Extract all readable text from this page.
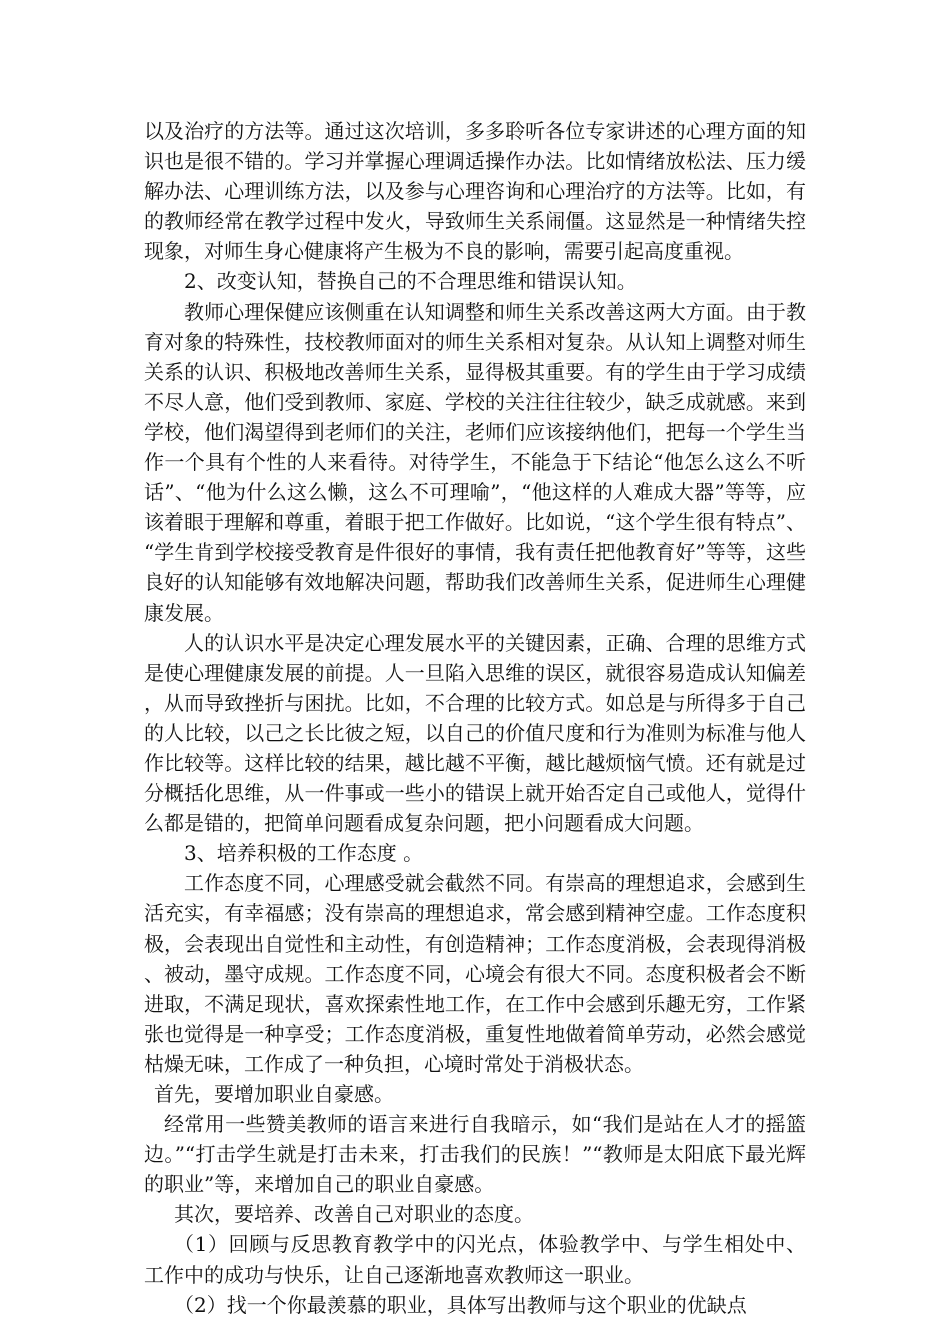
以及治疗的方法等。通过这次培训，多多聆听各位专家讲述的心理方面的知识也是很不错的。学习并掌握心理调适操作办法。比如情绪放松法、压力缓解办法、心理训练方法，以及参与心理咨询和心理治疗的方法等。比如，有的教师经常在教学过程中发火，导致师生关系闹僵。这显然是一种情绪失控现象，对师生身心健康将产生极为不良的影响，需要引起高度重视。

2、改变认知，替换自己的不合理思维和错误认知。

教师心理保健应该侧重在认知调整和师生关系改善这两大方面。由于教育对象的特殊性，技校教师面对的师生关系相对复杂。从认知上调整对师生关系的认识、积极地改善师生关系，显得极其重要。有的学生由于学习成绩不尽人意，他们受到教师、家庭、学校的关注往往较少，缺乏成就感。来到学校，他们渴望得到老师们的关注，老师们应该接纳他们，把每一个学生当作一个具有个性的人来看待。对待学生，不能急于下结论“他怎么这么不听话”、“他为什么这么懒，这么不可理喻”，“他这样的人难成大器”等等，应该着眼于理解和尊重，着眼于把工作做好。比如说，“这个学生很有特点”、“学生肯到学校接受教育是件很好的事情，我有责任把他教育好”等等，这些良好的认知能够有效地解决问题，帮助我们改善师生关系，促进师生心理健康发展。

人的认识水平是决定心理发展水平的关键因素，正确、合理的思维方式是使心理健康发展的前提。人一旦陷入思维的误区，就很容易造成认知偏差，从而导致挫折与困扰。比如，不合理的比较方式。如总是与所得多于自己的人比较，以己之长比彼之短，以自己的价值尺度和行为准则为标准与他人作比较等。这样比较的结果，越比越不平衡，越比越烦恼气愤。还有就是过分概括化思维，从一件事或一些小的错误上就开始否定自己或他人，觉得什么都是错的，把简单问题看成复杂问题，把小问题看成大问题。

3、培养积极的工作态度 。

工作态度不同，心理感受就会截然不同。有崇高的理想追求，会感到生活充实，有幸福感；没有崇高的理想追求，常会感到精神空虚。工作态度积极，会表现出自觉性和主动性，有创造精神；工作态度消极，会表现得消极、被动，墨守成规。工作态度不同，心境会有很大不同。态度积极者会不断进取，不满足现状，喜欢探索性地工作，在工作中会感到乐趣无穷，工作紧张也觉得是一种享受；工作态度消极，重复性地做着简单劳动，必然会感觉枯燥无味，工作成了一种负担，心境时常处于消极状态。

首先，要增加职业自豪感。

经常用一些赞美教师的语言来进行自我暗示，如“我们是站在人才的摇篮边。”“打击学生就是打击未来，打击我们的民族！”“教师是太阳底下最光辉的职业”等，来增加自己的职业自豪感。

其次，要培养、改善自己对职业的态度。

（1）回顾与反思教育教学中的闪光点，体验教学中、与学生相处中、工作中的成功与快乐，让自己逐渐地喜欢教师这一职业。

（2）找一个你最羡慕的职业，具体写出教师与这个职业的优缺点
